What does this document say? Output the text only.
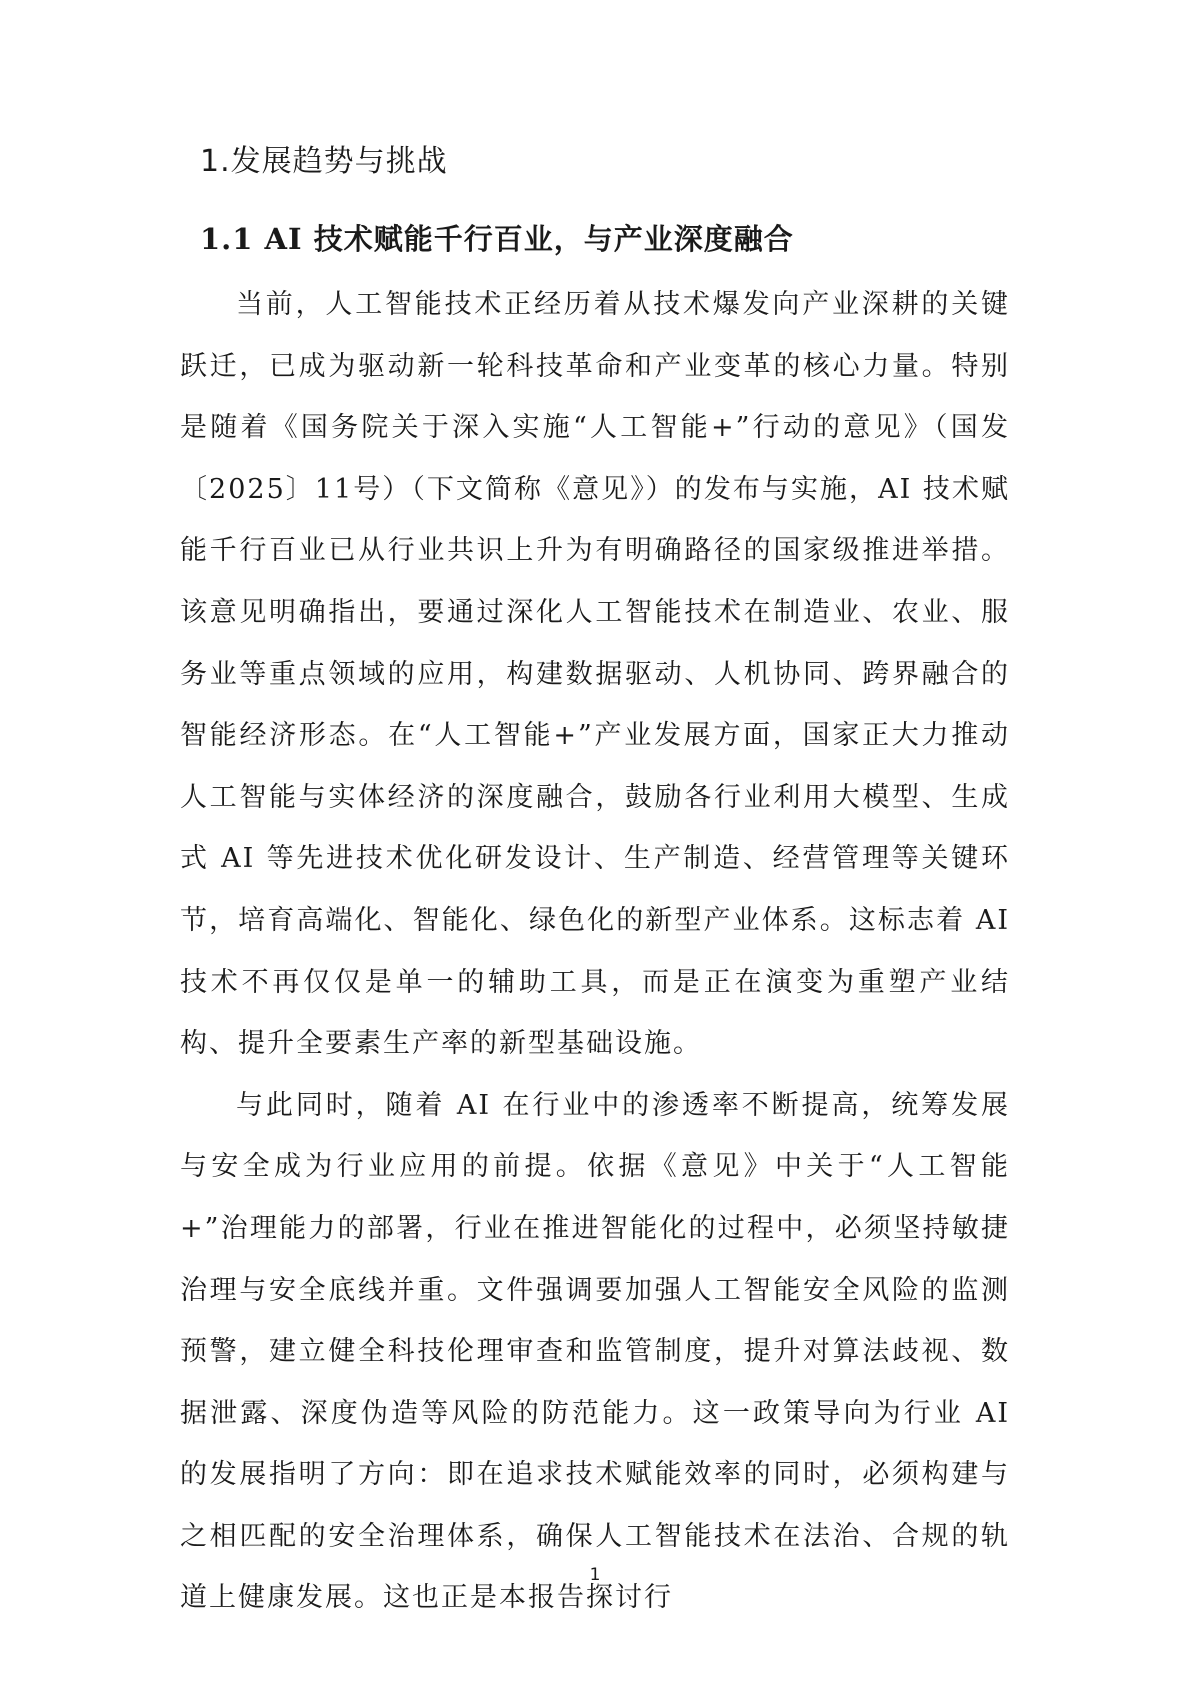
1.发展趋势与挑战
1.1 AI 技术赋能千行百业，与产业深度融合

当前，人工智能技术正经历着从技术爆发向产业深耕的关键跃迁，已成为驱动新一轮科技革命和产业变革的核心力量。特别是随着《国务院关于深入实施“人工智能+”行动的意见》（国发〔2025〕11号）（下文简称《意见》）的发布与实施，AI 技术赋能千行百业已从行业共识上升为有明确路径的国家级推进举措。该意见明确指出，要通过深化人工智能技术在制造业、农业、服务业等重点领域的应用，构建数据驱动、人机协同、跨界融合的智能经济形态。在“人工智能+”产业发展方面，国家正大力推动人工智能与实体经济的深度融合，鼓励各行业利用大模型、生成式 AI 等先进技术优化研发设计、生产制造、经营管理等关键环节，培育高端化、智能化、绿色化的新型产业体系。这标志着 AI 技术不再仅仅是单一的辅助工具，而是正在演变为重塑产业结构、提升全要素生产率的新型基础设施。

与此同时，随着 AI 在行业中的渗透率不断提高，统筹发展与安全成为行业应用的前提。依据《意见》中关于“人工智能+”治理能力的部署，行业在推进智能化的过程中，必须坚持敏捷治理与安全底线并重。文件强调要加强人工智能安全风险的监测预警，建立健全科技伦理审查和监管制度，提升对算法歧视、数据泄露、深度伪造等风险的防范能力。这一政策导向为行业 AI 的发展指明了方向：即在追求技术赋能效率的同时，必须构建与之相匹配的安全治理体系，确保人工智能技术在法治、合规的轨道上健康发展。这也正是本报告探讨行

1
